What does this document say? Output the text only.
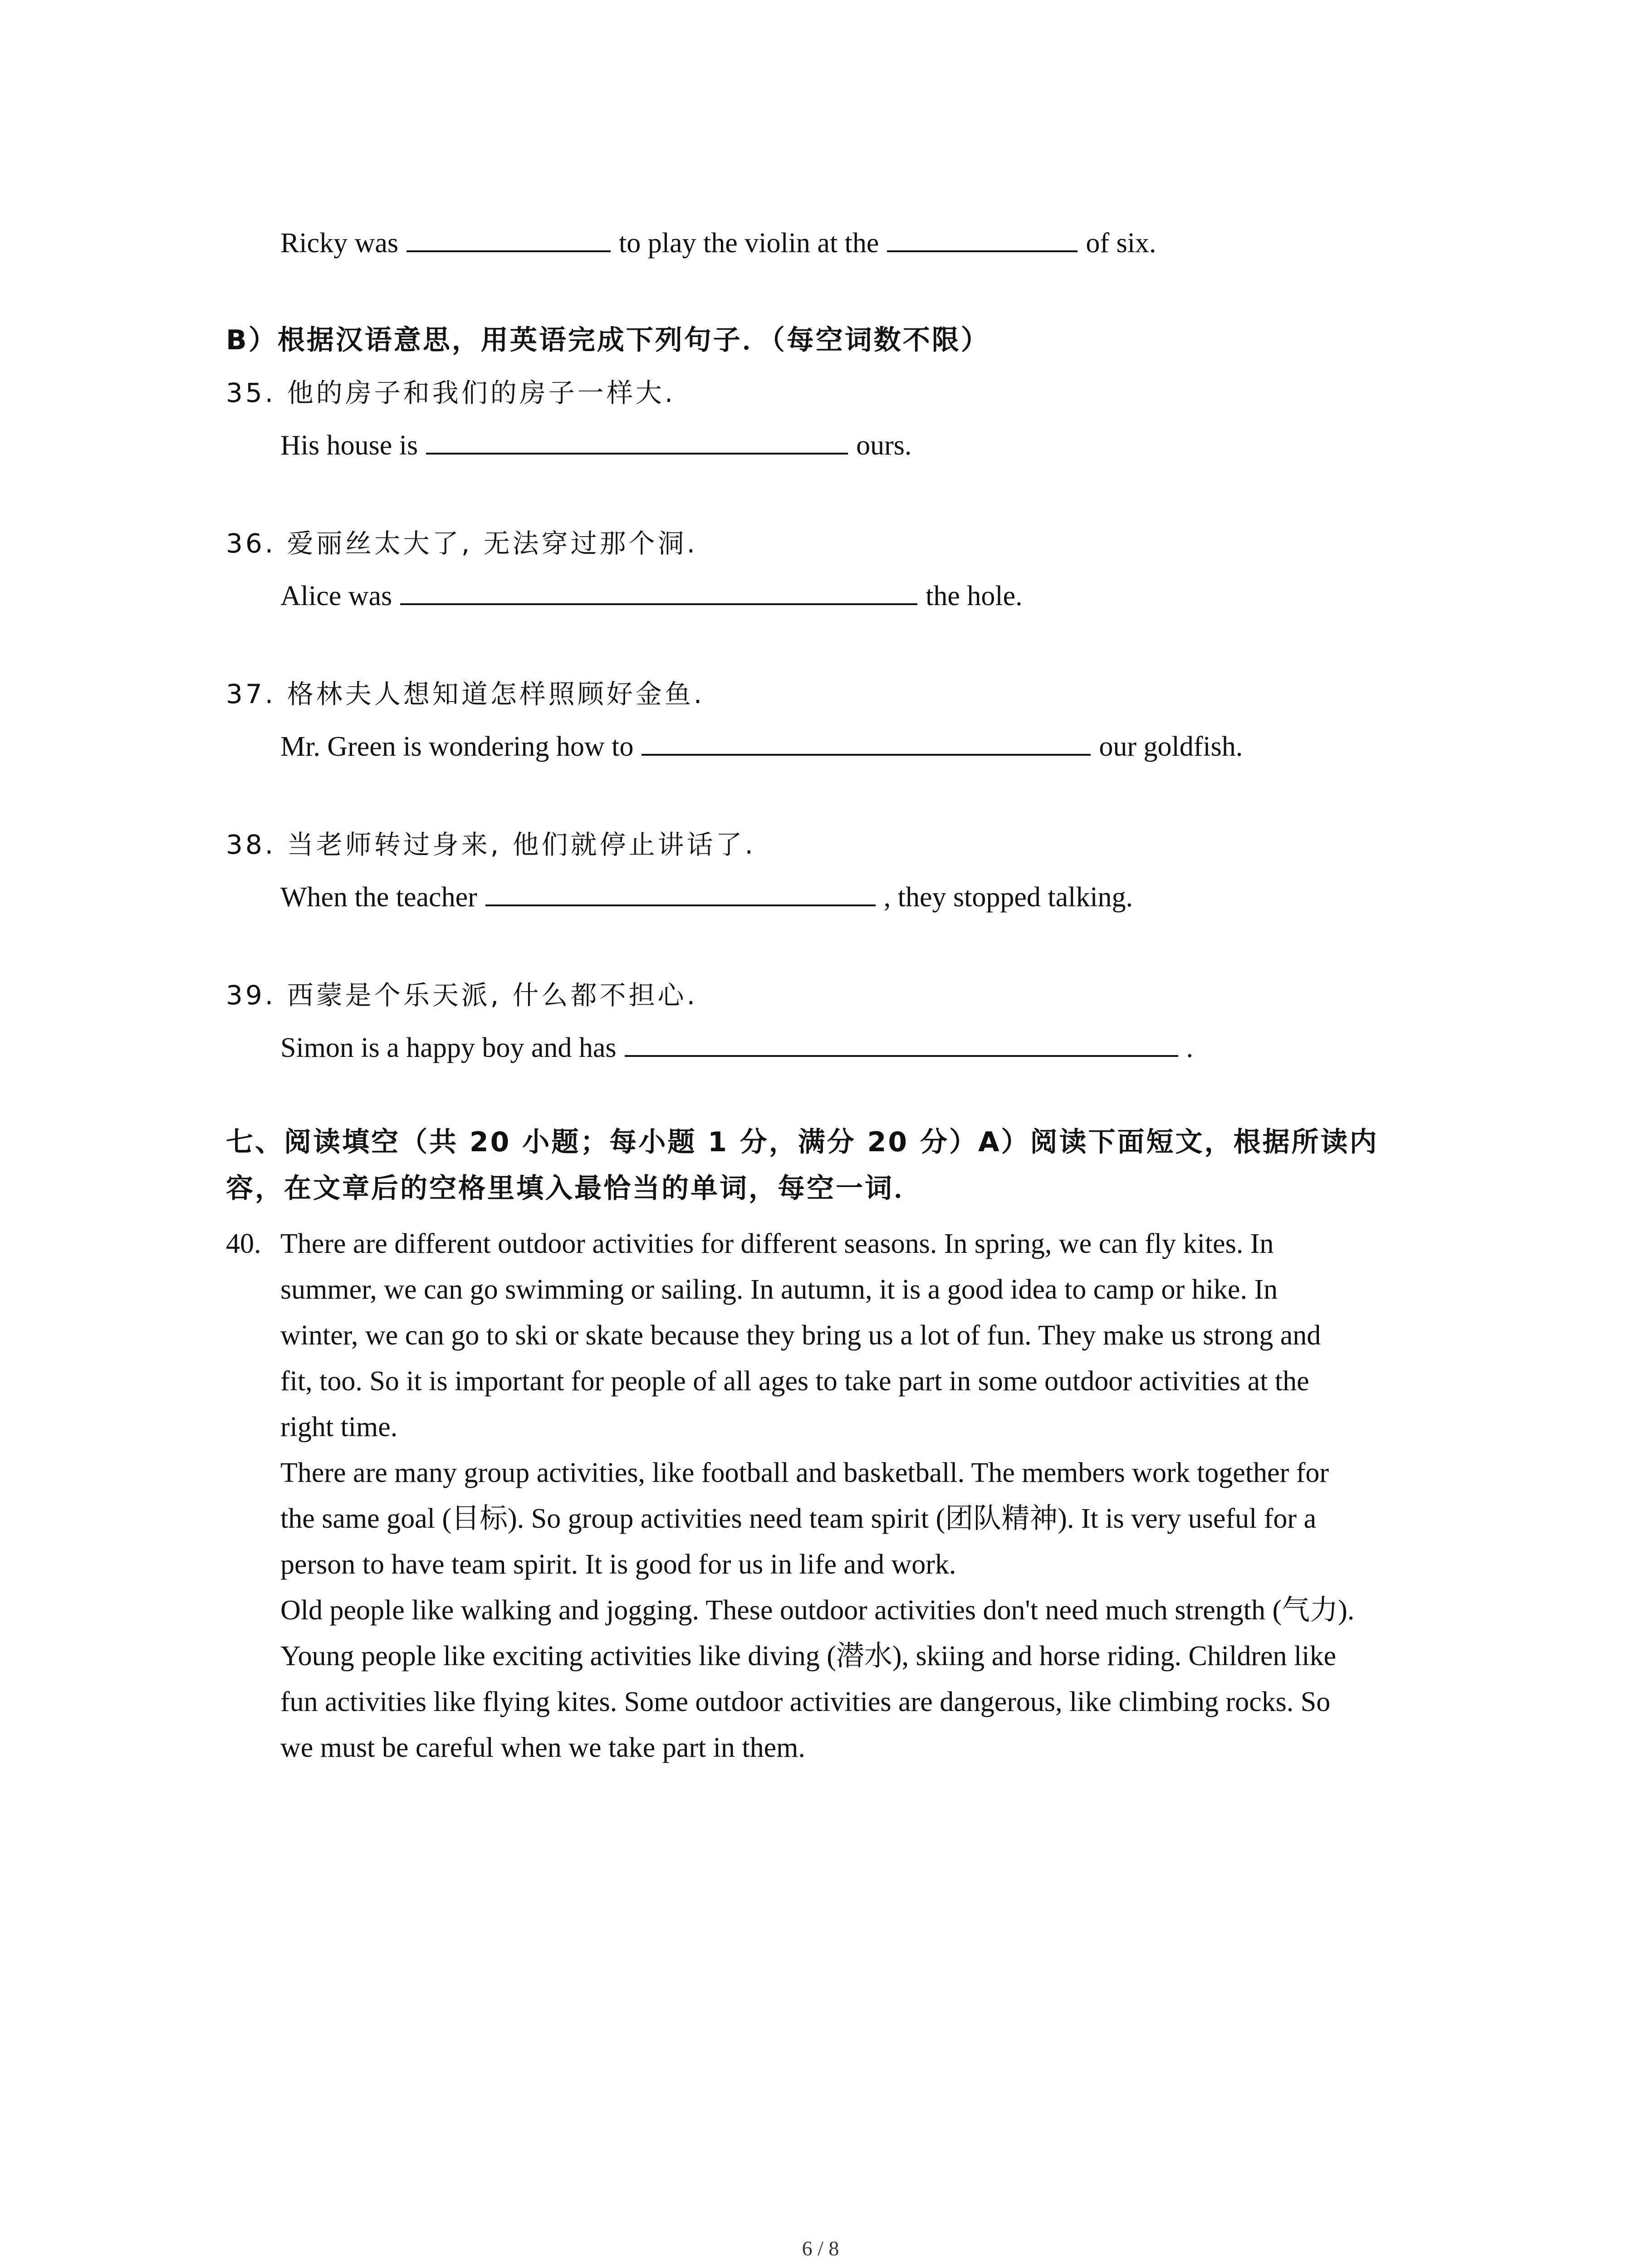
Ricky was	to play the violin at the	of six.
B）根据汉语意思，用英语完成下列句子．（每空词数不限）
35. 他的房子和我们的房子一样大.
His house is	ours.
36. 爱丽丝太大了, 无法穿过那个洞.
Alice was	the hole.
37. 格林夫人想知道怎样照顾好金鱼.
Mr. Green is wondering how to	our goldfish.
38. 当老师转过身来, 他们就停止讲话了.
When the teacher	, they stopped talking.
39. 西蒙是个乐天派, 什么都不担心.
Simon is a happy boy and has	.
七、阅读填空（共 20 小题；每小题 1 分，满分 20 分）A）阅读下面短文，根据所读内
容，在文章后的空格里填入最恰当的单词，每空一词．
40. There are different outdoor activities for different seasons. In spring, we can fly kites. In
summer, we can go swimming or sailing. In autumn, it is a good idea to camp or hike. In
winter, we can go to ski or skate because they bring us a lot of fun. They make us strong and
fit, too. So it is important for people of all ages to take part in some outdoor activities at the
right time.
There are many group activities, like football and basketball. The members work together for
the same goal (目标). So group activities need team spirit (团队精神). It is very useful for a
person to have team spirit. It is good for us in life and work.
Old people like walking and jogging. These outdoor activities don't need much strength (气力).
Young people like exciting activities like diving (潜水), skiing and horse riding. Children like
fun activities like flying kites. Some outdoor activities are dangerous, like climbing rocks. So
we must be careful when we take part in them.
6 / 8
